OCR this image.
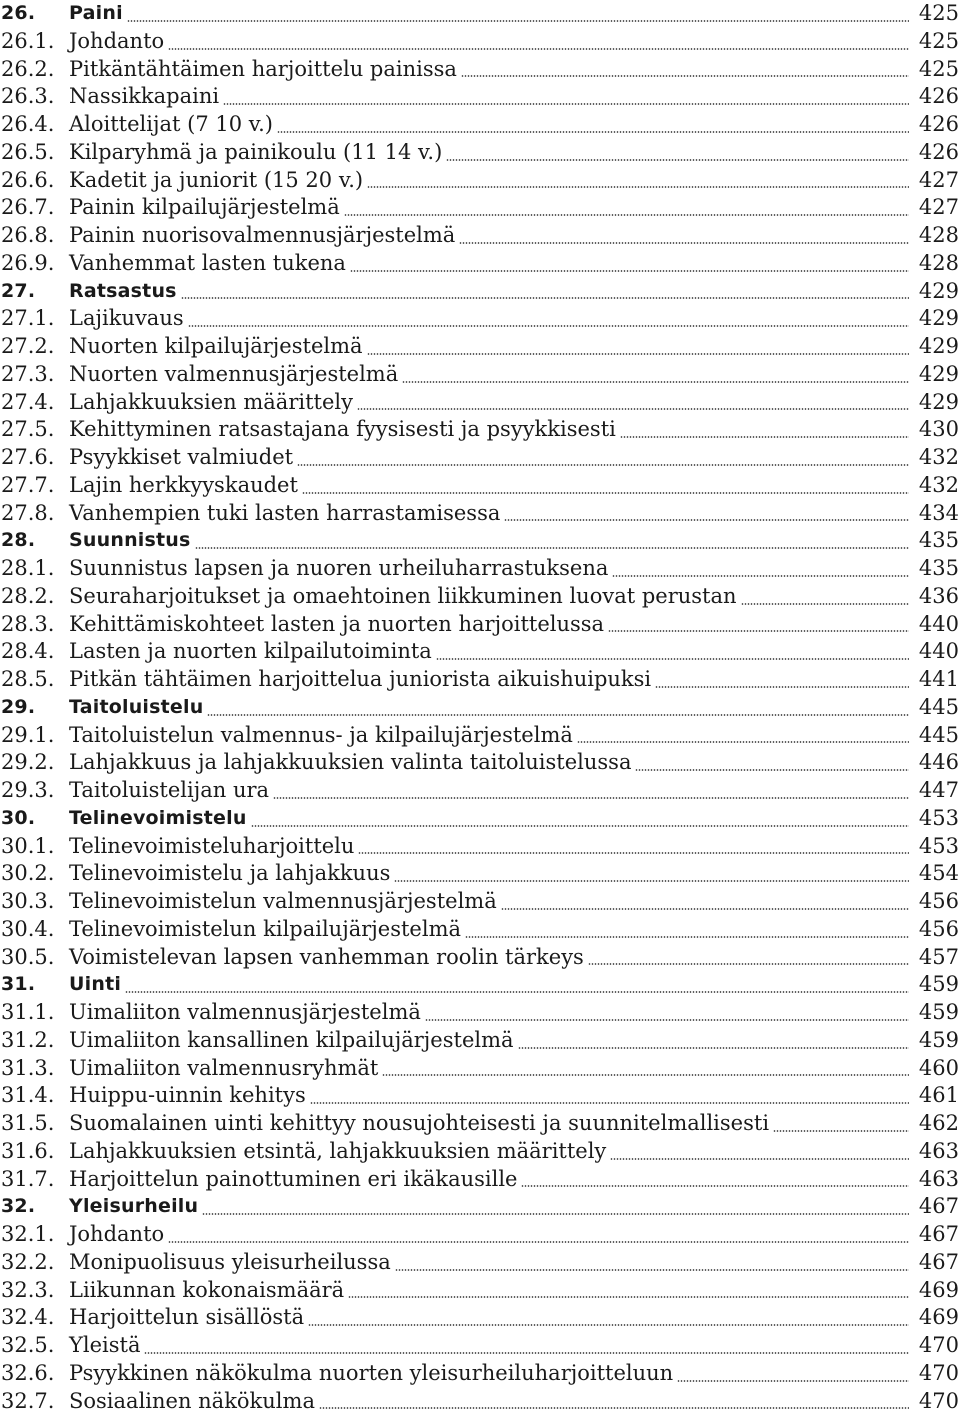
26.	Paini	425
26.1. Johdanto	425
26.2. Pitkäntähtäimen harjoittelu painissa	425
26.3. Nassikkapaini	426
26.4. Aloittelijat (7 10 v.)	426
26.5. Kilparyhmä ja painikoulu (11 14 v.)	426
26.6. Kadetit ja juniorit (15 20 v.)	427
26.7. Painin kilpailujärjestelmä	427
26.8. Painin nuorisovalmennusjärjestelmä	428
26.9. Vanhemmat lasten tukena	428
27.	Ratsastus	429
27.1. Lajikuvaus	429
27.2. Nuorten kilpailujärjestelmä	429
27.3. Nuorten valmennusjärjestelmä	429
27.4. Lahjakkuuksien määrittely	429
27.5. Kehittyminen ratsastajana fyysisesti ja psyykkisesti	430
27.6. Psyykkiset valmiudet	432
27.7. Lajin herkkyyskaudet	432
27.8. Vanhempien tuki lasten harrastamisessa	434
28.	Suunnistus	435
28.1. Suunnistus lapsen ja nuoren urheiluharrastuksena	435
28.2. Seuraharjoitukset ja omaehtoinen liikkuminen luovat perustan	436
28.3. Kehittämiskohteet lasten ja nuorten harjoittelussa	440
28.4. Lasten ja nuorten kilpailutoiminta	440
28.5. Pitkän tähtäimen harjoittelua juniorista aikuishuipuksi	441
29.	Taitoluistelu	445
29.1. Taitoluistelun valmennus- ja kilpailujärjestelmä	445
29.2. Lahjakkuus ja lahjakkuuksien valinta taitoluistelussa	446
29.3. Taitoluistelijan ura	447
30.	Telinevoimistelu	453
30.1. Telinevoimisteluharjoittelu	453
30.2. Telinevoimistelu ja lahjakkuus	454
30.3. Telinevoimistelun valmennusjärjestelmä	456
30.4. Telinevoimistelun kilpailujärjestelmä	456
30.5. Voimistelevan lapsen vanhemman roolin tärkeys	457
31.	Uinti	459
31.1. Uimaliiton valmennusjärjestelmä	459
31.2. Uimaliiton kansallinen kilpailujärjestelmä	459
31.3. Uimaliiton valmennusryhmät	460
31.4. Huippu-uinnin kehitys	461
31.5. Suomalainen uinti kehittyy nousujohteisesti ja suunnitelmallisesti	462
31.6. Lahjakkuuksien etsintä, lahjakkuuksien määrittely	463
31.7. Harjoittelun painottuminen eri ikäkausille	463
32.	Yleisurheilu	467
32.1. Johdanto	467
32.2. Monipuolisuus yleisurheilussa	467
32.3. Liikunnan kokonaismäärä	469
32.4. Harjoittelun sisällöstä	469
32.5. Yleistä	470
32.6. Psyykkinen näkökulma nuorten yleisurheiluharjoitteluun	470
32.7. Sosiaalinen näkökulma	470
